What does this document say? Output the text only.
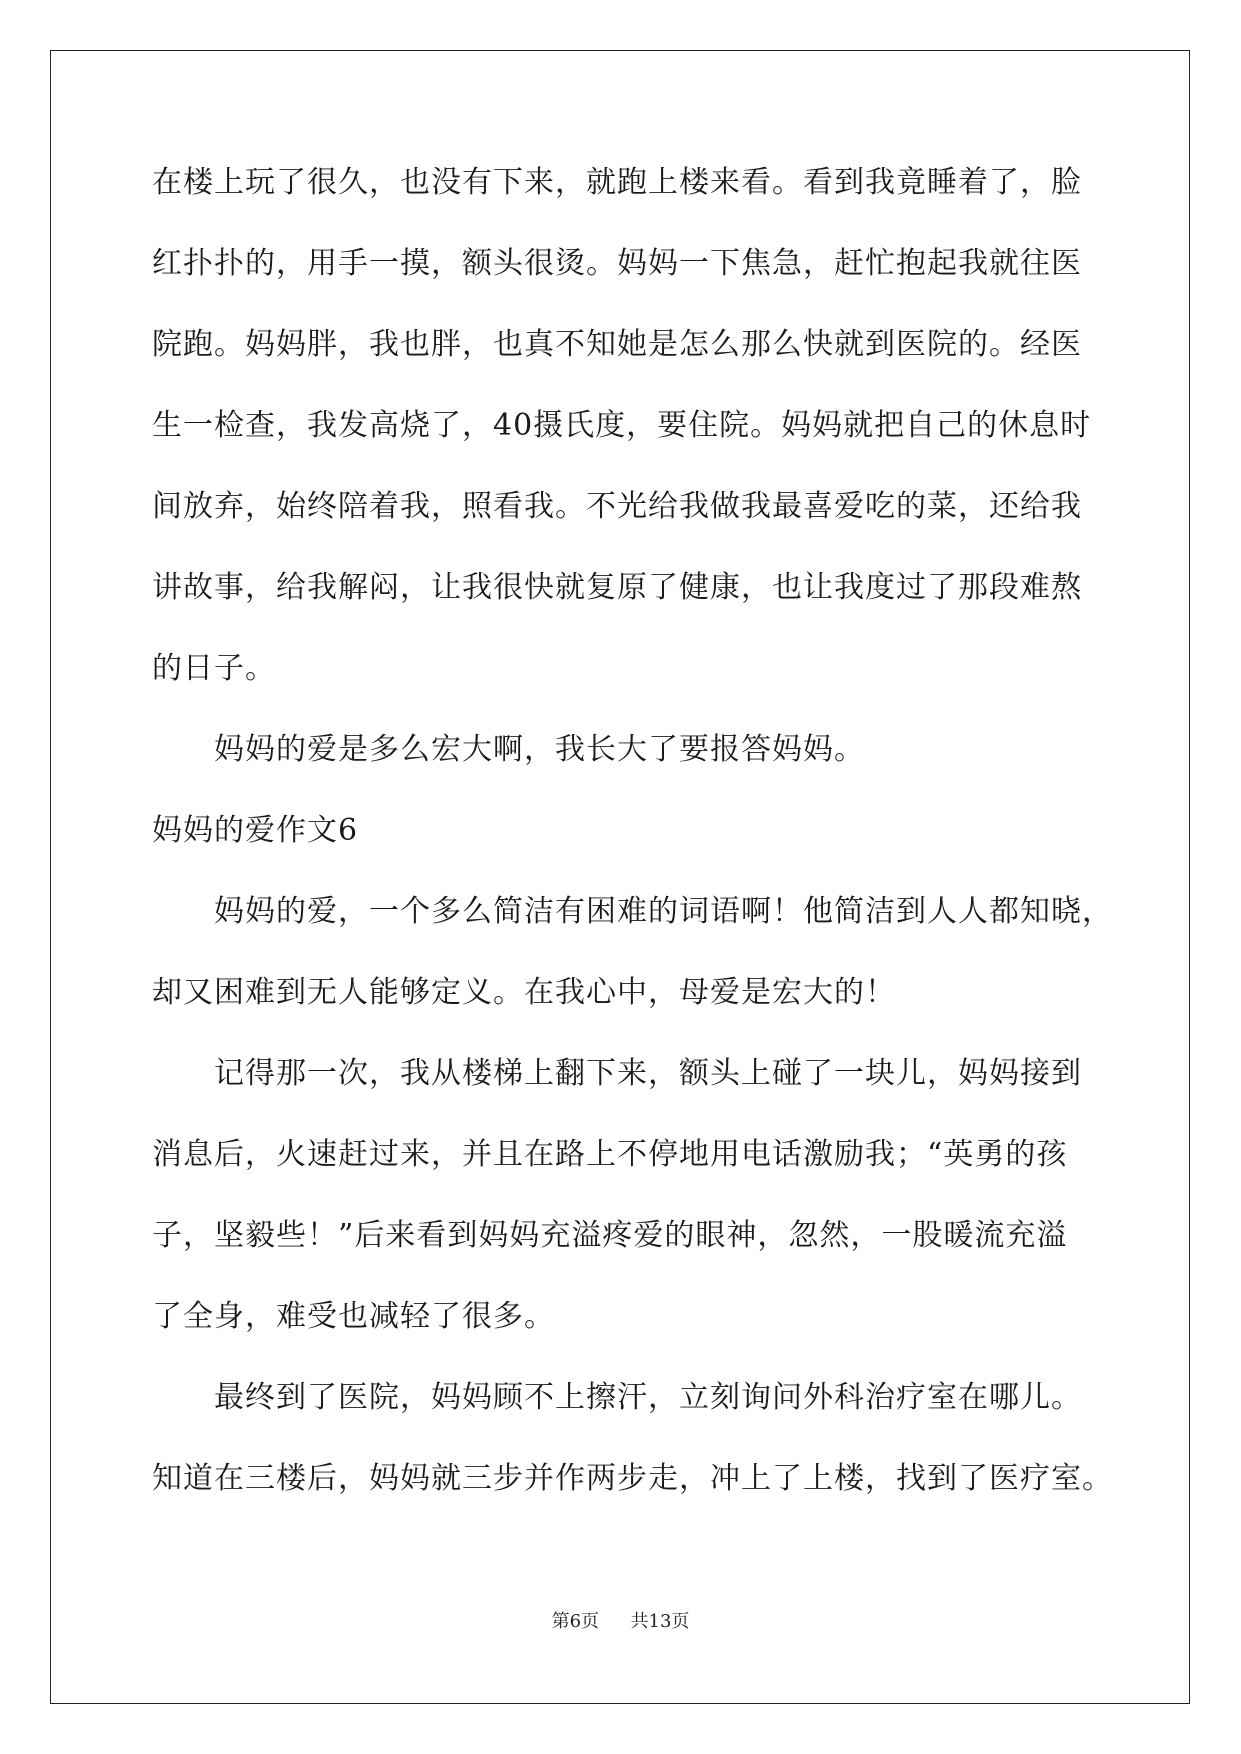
在楼上玩了很久，也没有下来，就跑上楼来看。看到我竟睡着了，脸

红扑扑的，用手一摸，额头很烫。妈妈一下焦急，赶忙抱起我就往医

院跑。妈妈胖，我也胖，也真不知她是怎么那么快就到医院的。经医

生一检查，我发高烧了，40摄氏度，要住院。妈妈就把自己的休息时

间放弃，始终陪着我，照看我。不光给我做我最喜爱吃的菜，还给我

讲故事，给我解闷，让我很快就复原了健康，也让我度过了那段难熬

的日子。

妈妈的爱是多么宏大啊，我长大了要报答妈妈。

妈妈的爱作文6

妈妈的爱，一个多么简洁有困难的词语啊！他简洁到人人都知晓，

却又困难到无人能够定义。在我心中，母爱是宏大的！

记得那一次，我从楼梯上翻下来，额头上碰了一块儿，妈妈接到

消息后，火速赶过来，并且在路上不停地用电话激励我；“英勇的孩

子，坚毅些！”后来看到妈妈充溢疼爱的眼神，忽然，一股暖流充溢

了全身，难受也减轻了很多。

最终到了医院，妈妈顾不上擦汗，立刻询问外科治疗室在哪儿。

知道在三楼后，妈妈就三步并作两步走，冲上了上楼，找到了医疗室。

第6页 共13页
